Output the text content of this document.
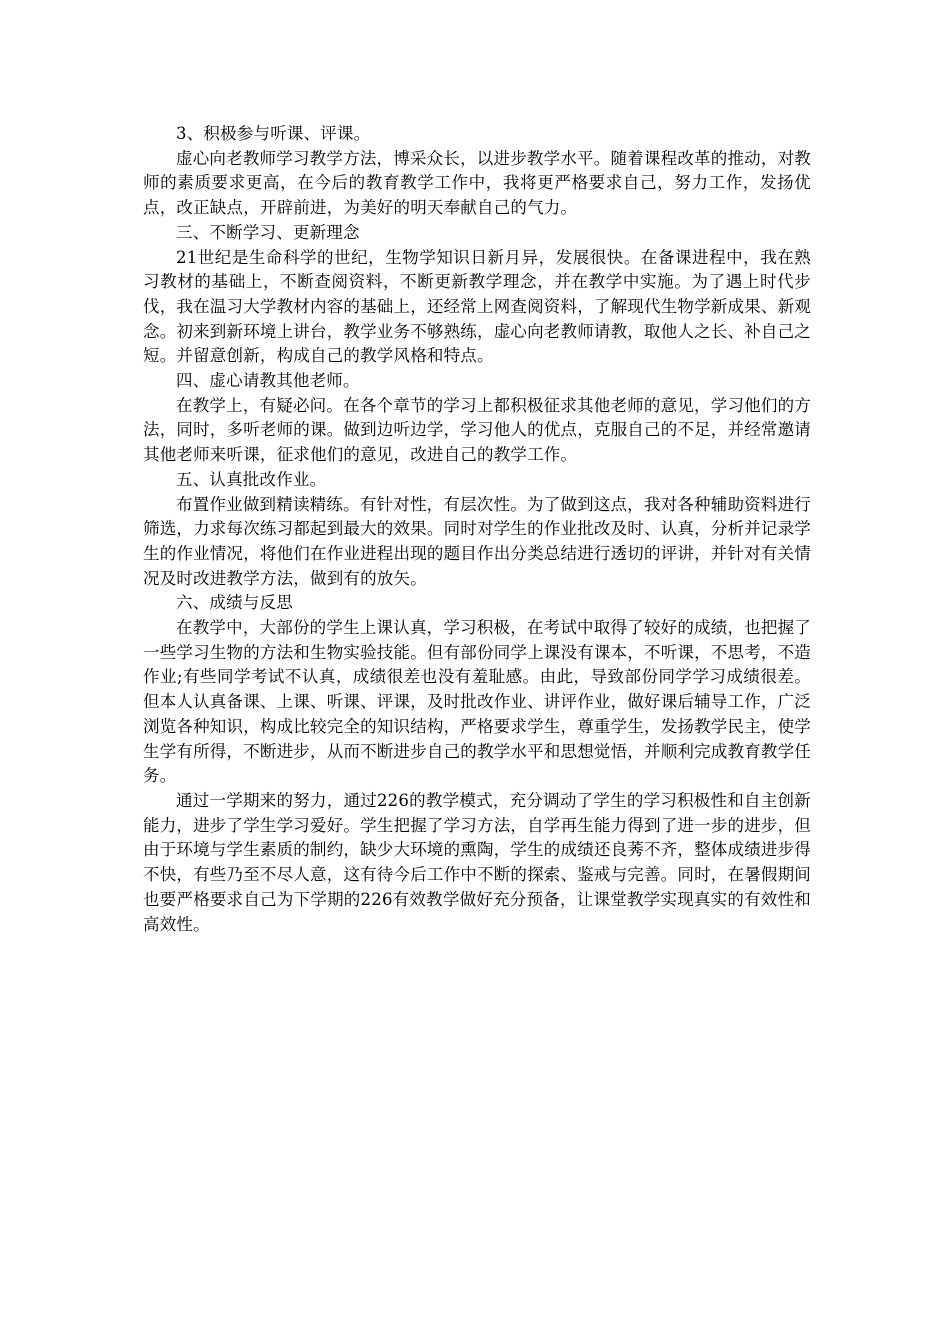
3、积极参与听课、评课。

虚心向老教师学习教学方法，博采众长，以进步教学水平。随着课程改革的推动，对教师的素质要求更高，在今后的教育教学工作中，我将更严格要求自己，努力工作，发扬优点，改正缺点，开辟前进，为美好的明天奉献自己的气力。

三、不断学习、更新理念

21世纪是生命科学的世纪，生物学知识日新月异，发展很快。在备课进程中，我在熟习教材的基础上，不断查阅资料，不断更新教学理念，并在教学中实施。为了遇上时代步伐，我在温习大学教材内容的基础上，还经常上网查阅资料，了解现代生物学新成果、新观念。初来到新环境上讲台，教学业务不够熟练，虚心向老教师请教，取他人之长、补自己之短。并留意创新，构成自己的教学风格和特点。

四、虚心请教其他老师。

在教学上，有疑必问。在各个章节的学习上都积极征求其他老师的意见，学习他们的方法，同时，多听老师的课。做到边听边学，学习他人的优点，克服自己的不足，并经常邀请其他老师来听课，征求他们的意见，改进自己的教学工作。

五、认真批改作业。

布置作业做到精读精练。有针对性，有层次性。为了做到这点，我对各种辅助资料进行筛选，力求每次练习都起到最大的效果。同时对学生的作业批改及时、认真，分析并记录学生的作业情况，将他们在作业进程出现的题目作出分类总结进行透切的评讲，并针对有关情况及时改进教学方法，做到有的放矢。

六、成绩与反思

在教学中，大部份的学生上课认真，学习积极，在考试中取得了较好的成绩，也把握了一些学习生物的方法和生物实验技能。但有部份同学上课没有课本，不听课，不思考，不造作业;有些同学考试不认真，成绩很差也没有羞耻感。由此，导致部份同学学习成绩很差。但本人认真备课、上课、听课、评课，及时批改作业、讲评作业，做好课后辅导工作，广泛浏览各种知识，构成比较完全的知识结构，严格要求学生，尊重学生，发扬教学民主，使学生学有所得，不断进步，从而不断进步自己的教学水平和思想觉悟，并顺利完成教育教学任务。

通过一学期来的努力，通过226的教学模式，充分调动了学生的学习积极性和自主创新能力，进步了学生学习爱好。学生把握了学习方法，自学再生能力得到了进一步的进步，但由于环境与学生素质的制约，缺少大环境的熏陶，学生的成绩还良莠不齐，整体成绩进步得不快，有些乃至不尽人意，这有待今后工作中不断的探索、鉴戒与完善。同时，在暑假期间也要严格要求自己为下学期的226有效教学做好充分预备，让课堂教学实现真实的有效性和高效性。
